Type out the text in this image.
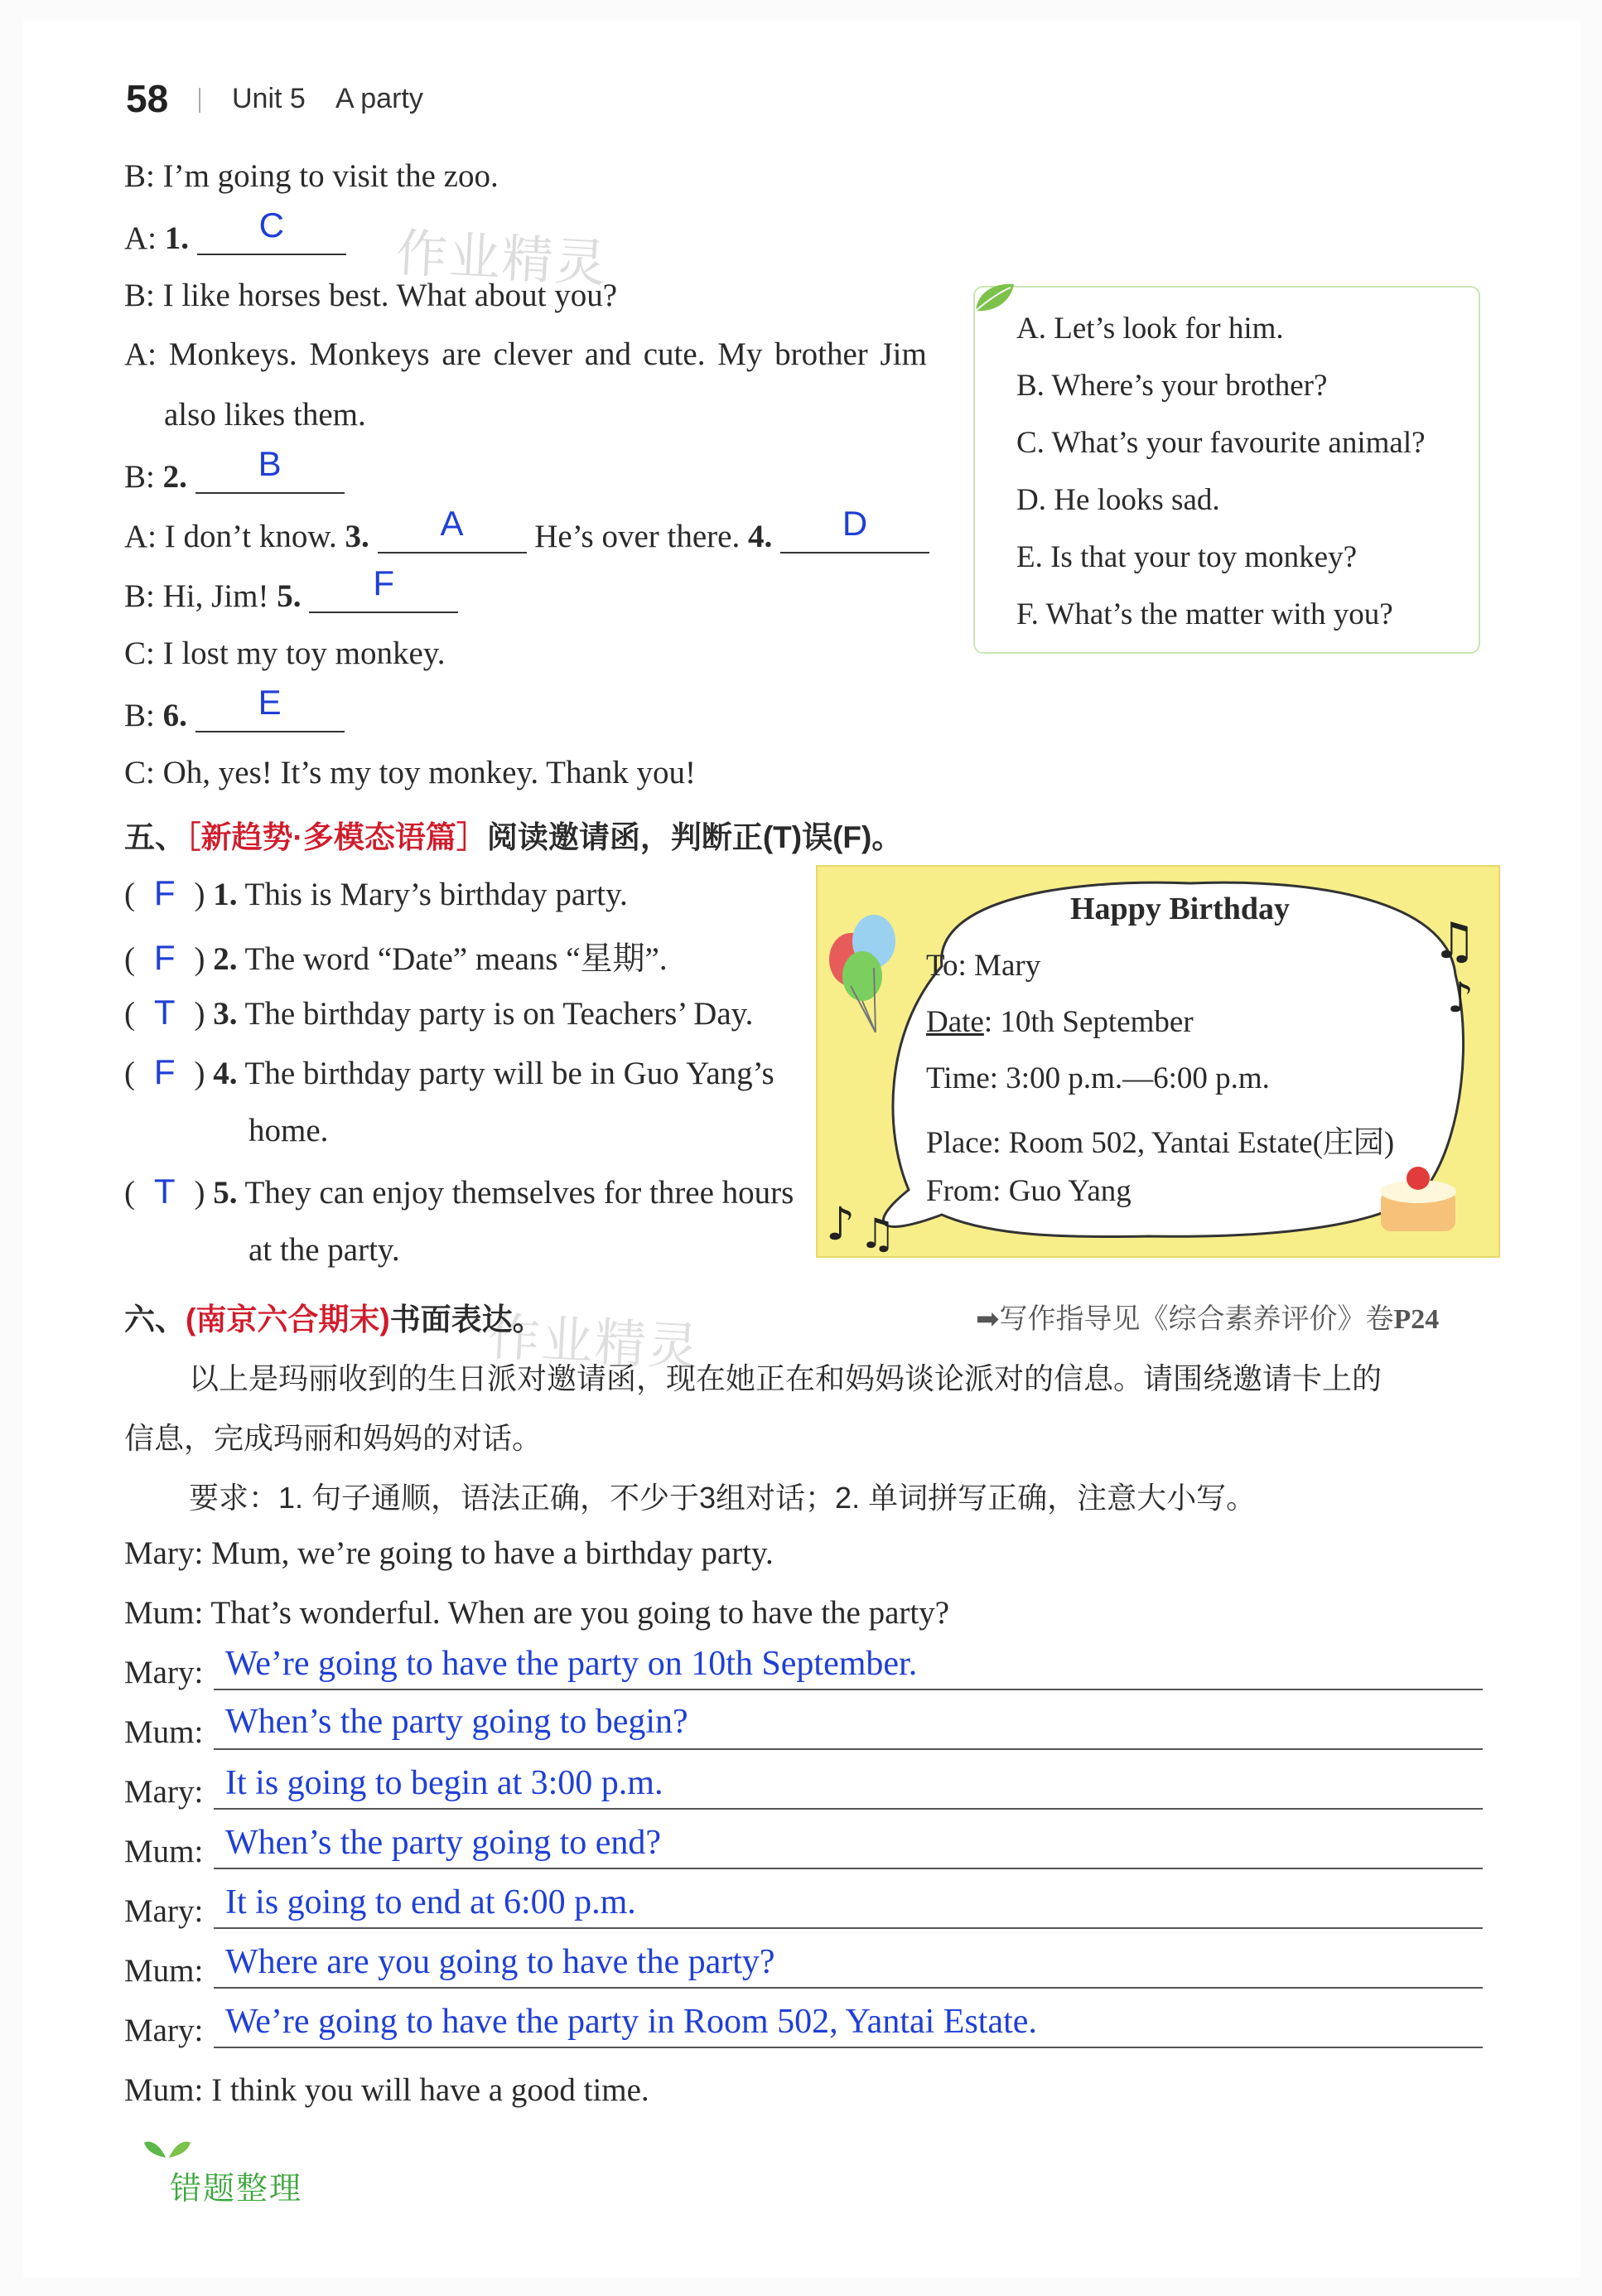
58 Unit 5 A party
作业精灵
作业精灵
B: I’m going to visit the zoo.
A: 1. C
B: I like horses best. What about you?
A: Monkeys. Monkeys are clever and cute. My brother Jim
also likes them.
B: 2. B
A: I don’t know. 3. A He’s over there. 4. D
B: Hi, Jim! 5. F
C: I lost my toy monkey.
B: 6. E
C: Oh, yes! It’s my toy monkey. Thank you!
A. Let’s look for him.
B. Where’s your brother?
C. What’s your favourite animal?
D. He looks sad.
E. Is that your toy monkey?
F. What’s the matter with you?
五、［新趋势·多模态语篇］阅读邀请函，判断正(T)误(F)。
( F ) 1. This is Mary’s birthday party.
( F ) 2. The word “Date” means “星期”.
( T ) 3. The birthday party is on Teachers’ Day.
( F ) 4. The birthday party will be in Guo Yang’s
home.
( T ) 5. They can enjoy themselves for three hours
at the party.
♫
♪
♪ ♫
Happy Birthday
To: Mary
Date: 10th September
Time: 3:00 p.m.—6:00 p.m.
Place: Room 502, Yantai Estate(庄园)
From: Guo Yang
六、(南京六合期末)书面表达。	➡写作指导见《综合素养评价》卷P24
以上是玛丽收到的生日派对邀请函，现在她正在和妈妈谈论派对的信息。请围绕邀请卡上的
信息，完成玛丽和妈妈的对话。
要求：1. 句子通顺，语法正确，不少于3组对话；2. 单词拼写正确，注意大小写。
Mary: Mum, we’re going to have a birthday party.
Mum: That’s wonderful. When are you going to have the party?
Mary: We’re going to have the party on 10th September.
Mum: When’s the party going to begin?
Mary: It is going to begin at 3:00 p.m.
Mum: When’s the party going to end?
Mary: It is going to end at 6:00 p.m.
Mum: Where are you going to have the party?
Mary: We’re going to have the party in Room 502, Yantai Estate.
Mum: I think you will have a good time.
错题整理
